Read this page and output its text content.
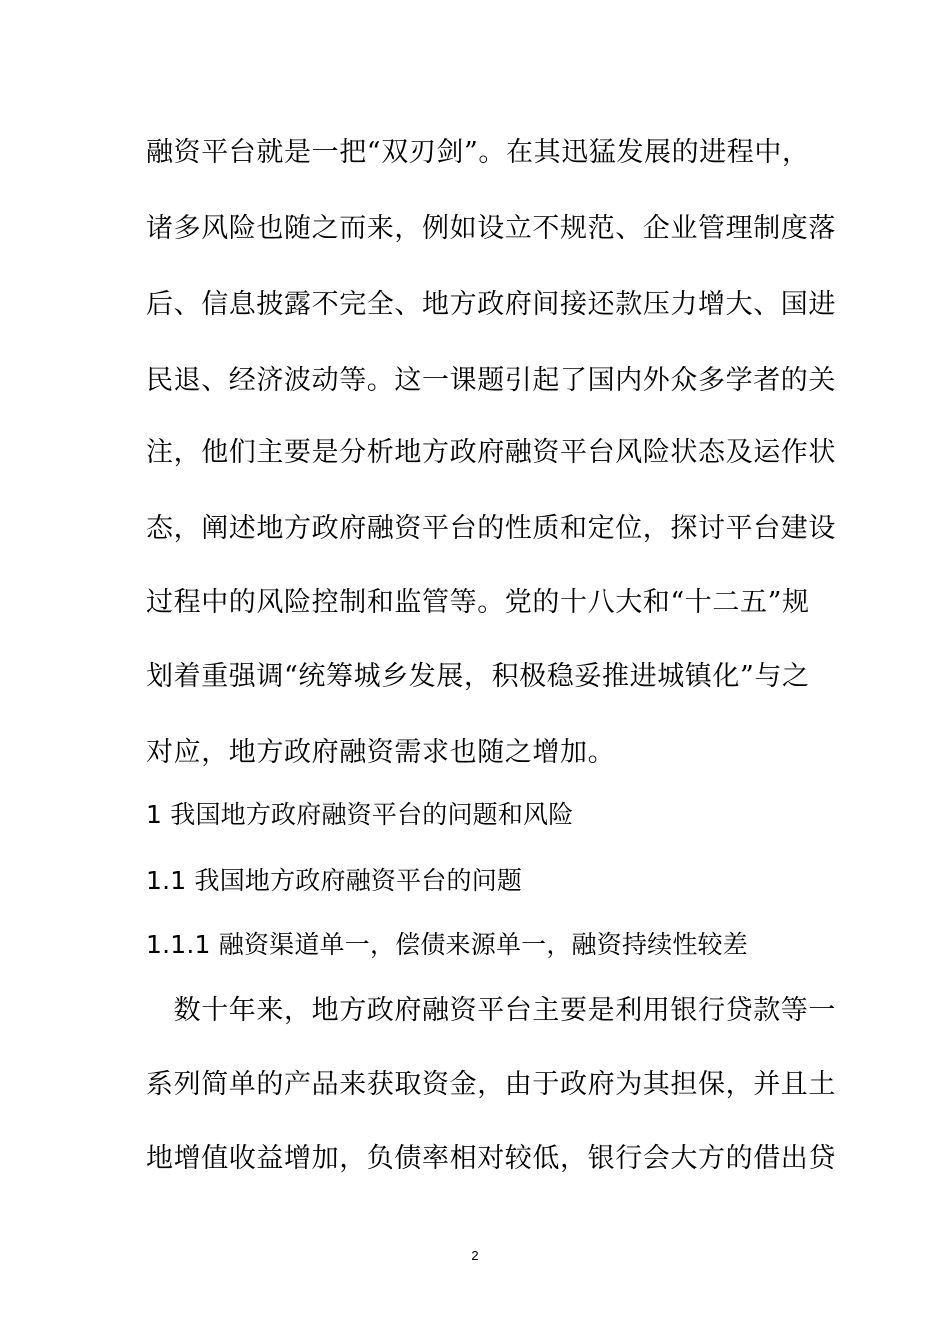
融资平台就是一把“双刃剑”。在其迅猛发展的进程中，
诸多风险也随之而来，例如设立不规范、企业管理制度落
后、信息披露不完全、地方政府间接还款压力增大、国进
民退、经济波动等。这一课题引起了国内外众多学者的关
注，他们主要是分析地方政府融资平台风险状态及运作状
态，阐述地方政府融资平台的性质和定位，探讨平台建设
过程中的风险控制和监管等。党的十八大和“十二五”规
划着重强调“统筹城乡发展，积极稳妥推进城镇化”与之
对应，地方政府融资需求也随之增加。
1 我国地方政府融资平台的问题和风险
1.1 我国地方政府融资平台的问题
1.1.1 融资渠道单一，偿债来源单一，融资持续性较差
　数十年来，地方政府融资平台主要是利用银行贷款等一
系列简单的产品来获取资金，由于政府为其担保，并且土
地增值收益增加，负债率相对较低，银行会大方的借出贷
2
